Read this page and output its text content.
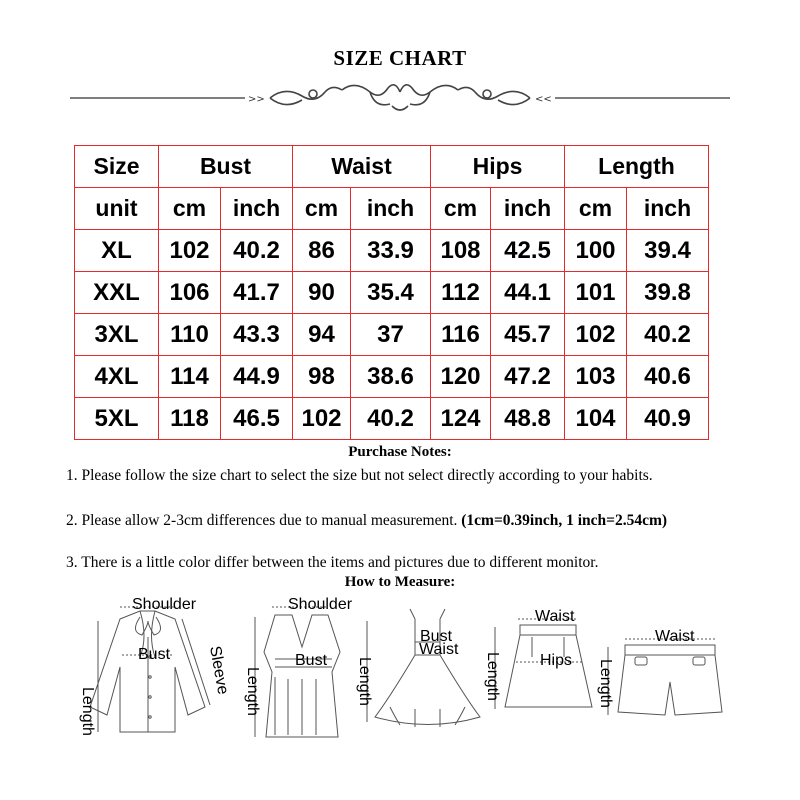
SIZE CHART
>>	<<
Size	Bust		Waist		Hips		Length	
unit	cm	inch	cm	inch	cm	inch	cm	inch
XL	102	40.2	86	33.9	108	42.5	100	39.4
XXL	106	41.7	90	35.4	112	44.1	101	39.8
3XL	110	43.3	94	37	116	45.7	102	40.2
4XL	114	44.9	98	38.6	120	47.2	103	40.6
5XL	118	46.5	102	40.2	124	48.8	104	40.9
Purchase Notes:
1. Please follow the size chart to select the size but not select directly according to your habits.
2. Please allow 2-3cm differences due to manual measurement. (1cm=0.39inch, 1 inch=2.54cm)
3. There is a little color differ between the items and pictures due to different monitor.
How to Measure:
Shoulder
Bust
Length
Sleeve
Shoulder
Bust
Length
Bust
Waist
Length
Waist
Hips
Length
Waist
Length
